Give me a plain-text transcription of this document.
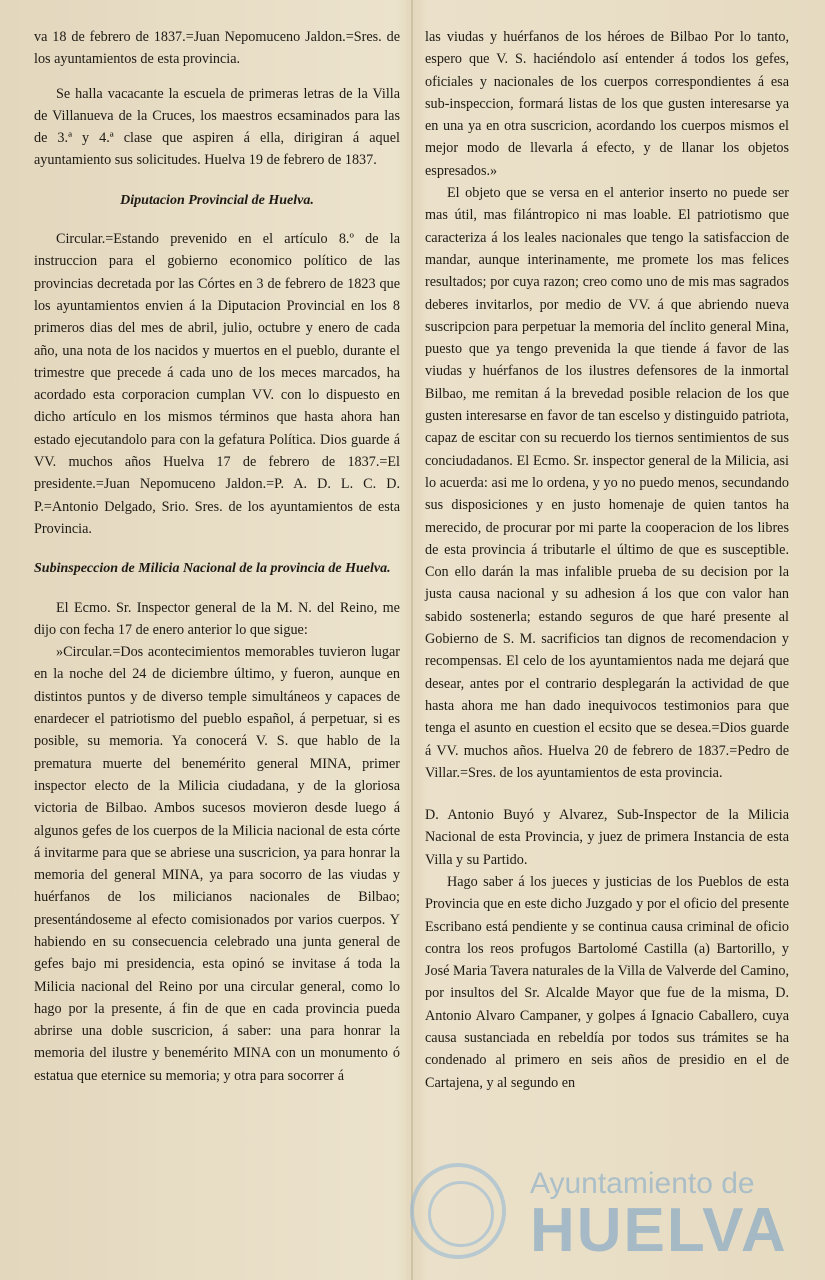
va 18 de febrero de 1837.=Juan Nepomuceno Jaldon.=Sres. de los ayuntamientos de esta provincia.

Se halla vacacante la escuela de primeras letras de la Villa de Villanueva de la Cruces, los maestros ecsaminados para las de 3.ª y 4.ª clase que aspiren á ella, dirigiran á aquel ayuntamiento sus solicitudes. Huelva 19 de febrero de 1837.

Diputacion Provincial de Huelva.

Circular.=Estando prevenido en el artículo 8.º de la instruccion para el gobierno economico político de las provincias decretada por las Córtes en 3 de febrero de 1823 que los ayuntamientos envien á la Diputacion Provincial en los 8 primeros dias del mes de abril, julio, octubre y enero de cada año, una nota de los nacidos y muertos en el pueblo, durante el trimestre que precede á cada uno de los meces marcados, ha acordado esta corporacion cumplan VV. con lo dispuesto en dicho artículo en los mismos términos que hasta ahora han estado ejecutandolo para con la gefatura Política. Dios guarde á VV. muchos años Huelva 17 de febrero de 1837.=El presidente.=Juan Nepomuceno Jaldon.=P. A. D. L. C. D. P.=Antonio Delgado, Srio. Sres. de los ayuntamientos de esta Provincia.

Subinspeccion de Milicia Nacional de la provincia de Huelva.

El Ecmo. Sr. Inspector general de la M. N. del Reino, me dijo con fecha 17 de enero anterior lo que sigue:

»Circular.=Dos acontecimientos memorables tuvieron lugar en la noche del 24 de diciembre último, y fueron, aunque en distintos puntos y de diverso temple simultáneos y capaces de enardecer el patriotismo del pueblo español, á perpetuar, si es posible, su memoria. Ya conocerá V. S. que hablo de la prematura muerte del benemérito general MINA, primer inspector electo de la Milicia ciudadana, y de la gloriosa victoria de Bilbao. Ambos sucesos movieron desde luego á algunos gefes de los cuerpos de la Milicia nacional de esta córte á invitarme para que se abriese una suscricion, ya para honrar la memoria del general MINA, ya para socorro de las viudas y huérfanos de los milicianos nacionales de Bilbao; presentándoseme al efecto comisionados por varios cuerpos. Y habiendo en su consecuencia celebrado una junta general de gefes bajo mi presidencia, esta opinó se invitase á toda la Milicia nacional del Reino por una circular general, como lo hago por la presente, á fin de que en cada provincia pueda abrirse una doble suscricion, á saber: una para honrar la memoria del ilustre y benemérito MINA con un monumento ó estatua que eternice su memoria; y otra para socorrer á

las viudas y huérfanos de los héroes de Bilbao Por lo tanto, espero que V. S. haciéndolo así entender á todos los gefes, oficiales y nacionales de los cuerpos correspondientes á esa sub-inspeccion, formará listas de los que gusten interesarse ya en una ya en otra suscricion, acordando los cuerpos mismos el mejor modo de llevarla á efecto, y de llanar los objetos espresados.»

El objeto que se versa en el anterior inserto no puede ser mas útil, mas filántropico ni mas loable. El patriotismo que caracteriza á los leales nacionales que tengo la satisfaccion de mandar, aunque interinamente, me promete los mas felices resultados; por cuya razon; creo como uno de mis mas sagrados deberes invitarlos, por medio de VV. á que abriendo nueva suscripcion para perpetuar la memoria del ínclito general Mina, puesto que ya tengo prevenida la que tiende á favor de las viudas y huérfanos de los ilustres defensores de la inmortal Bilbao, me remitan á la brevedad posible relacion de los que gusten interesarse en favor de tan escelso y distinguido patriota, capaz de escitar con su recuerdo los tiernos sentimientos de sus conciudadanos. El Ecmo. Sr. inspector general de la Milicia, asi lo acuerda: asi me lo ordena, y yo no puedo menos, secundando sus disposiciones y en justo homenaje de quien tantos ha merecido, de procurar por mi parte la cooperacion de los libres de esta provincia á tributarle el último de que es susceptible. Con ello darán la mas infalible prueba de su decision por la justa causa nacional y su adhesion á los que con valor han sabido sostenerla; estando seguros de que haré presente al Gobierno de S. M. sacrificios tan dignos de recomendacion y recompensas. El celo de los ayuntamientos nada me dejará que desear, antes por el contrario desplegarán la actividad de que hasta ahora me han dado inequivocos testimonios para que tenga el asunto en cuestion el ecsito que se desea.=Dios guarde á VV. muchos años. Huelva 20 de febrero de 1837.=Pedro de Villar.=Sres. de los ayuntamientos de esta provincia.

D. Antonio Buyó y Alvarez, Sub-Inspector de la Milicia Nacional de esta Provincia, y juez de primera Instancia de esta Villa y su Partido.

Hago saber á los jueces y justicias de los Pueblos de esta Provincia que en este dicho Juzgado y por el oficio del presente Escribano está pendiente y se continua causa criminal de oficio contra los reos profugos Bartolomé Castilla (a) Bartorillo, y José Maria Tavera naturales de la Villa de Valverde del Camino, por insultos del Sr. Alcalde Mayor que fue de la misma, D. Antonio Alvaro Campaner, y golpes á Ignacio Caballero, cuya causa sustanciada en rebeldía por todos sus trámites se ha condenado al primero en seis años de presidio en el de Cartajena, y al segundo en

Ayuntamiento de
HUELVA
